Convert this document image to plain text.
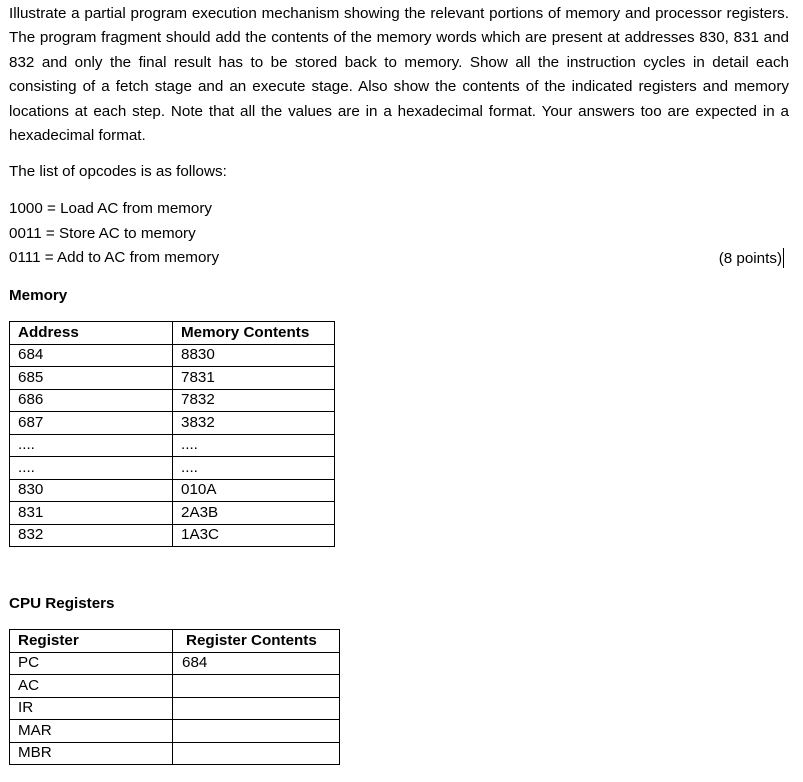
Illustrate a partial program execution mechanism showing the relevant portions of memory and processor registers. The program fragment should add the contents of the memory words which are present at addresses 830, 831 and 832 and only the final result has to be stored back to memory. Show all the instruction cycles in detail each consisting of a fetch stage and an execute stage. Also show the contents of the indicated registers and memory locations at each step. Note that all the values are in a hexadecimal format. Your answers too are expected in a hexadecimal format.

The list of opcodes is as follows:

1000 = Load AC from memory

0011 = Store AC to memory

0111 = Add to AC from memory	(8 points)

Memory

Address	Memory Contents
684	8830
685	7831
686	7832
687	3832
....	....
....	....
830	010A
831	2A3B
832	1A3C

CPU Registers

Register	Register Contents
PC	684
AC	
IR	
MAR	
MBR	
